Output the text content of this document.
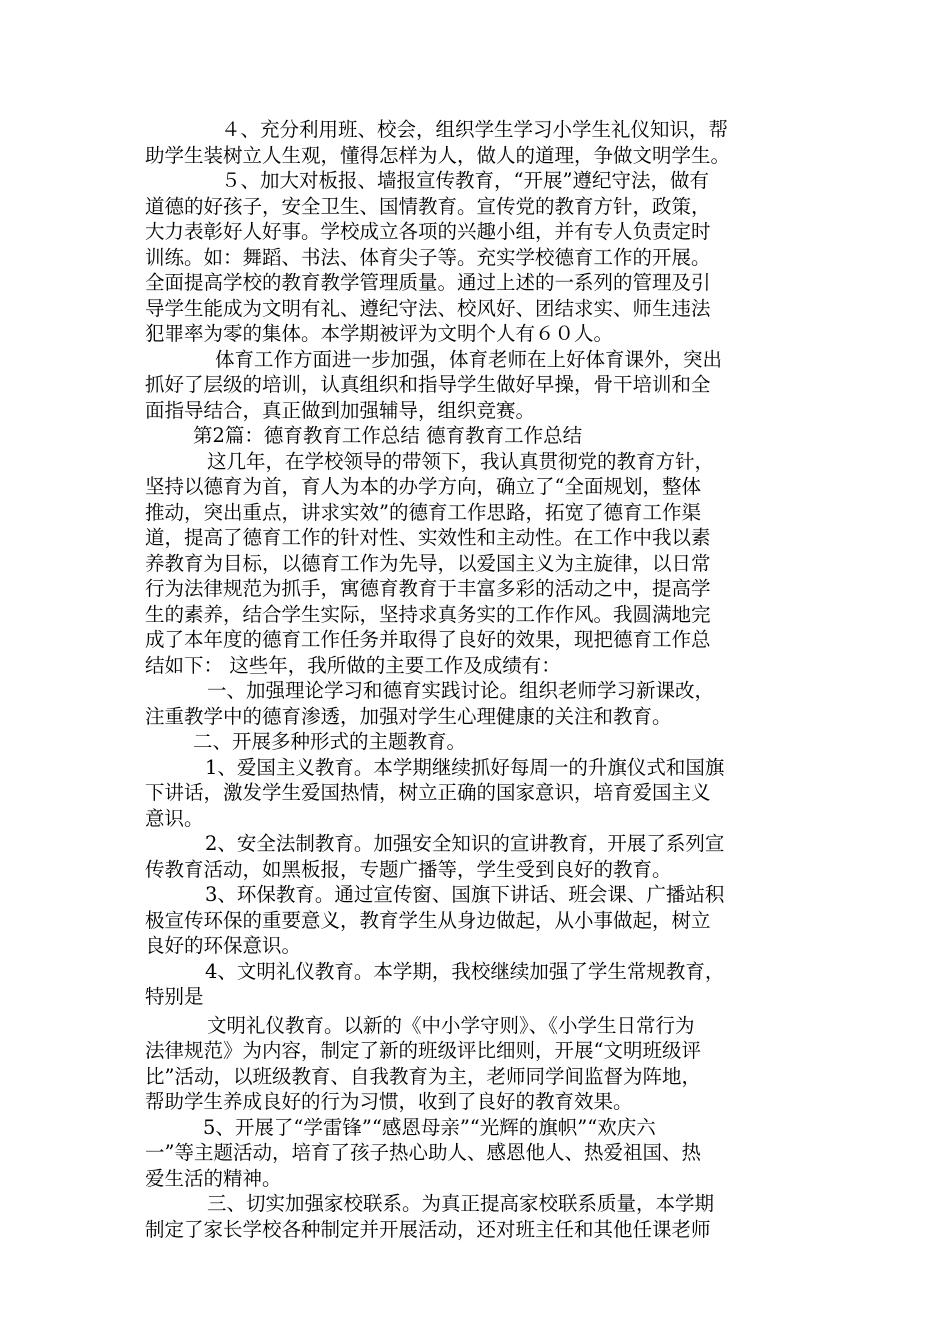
４、充分利用班、校会，组织学生学习小学生礼仪知识，帮
助学生装树立人生观，懂得怎样为人，做人的道理，争做文明学生。
５、加大对板报、墙报宣传教育，“开展”遵纪守法，做有
道德的好孩子，安全卫生、国情教育。宣传党的教育方针，政策，
大力表彰好人好事。学校成立各项的兴趣小组，并有专人负责定时
训练。如：舞蹈、书法、体育尖子等。充实学校德育工作的开展。
全面提高学校的教育教学管理质量。通过上述的一系列的管理及引
导学生能成为文明有礼、遵纪守法、校风好、团结求实、师生违法
犯罪率为零的集体。本学期被评为文明个人有６０人。
体育工作方面进一步加强，体育老师在上好体育课外，突出
抓好了层级的培训，认真组织和指导学生做好早操，骨干培训和全
面指导结合，真正做到加强辅导，组织竞赛。
第2篇：德育教育工作总结 德育教育工作总结
这几年，在学校领导的带领下，我认真贯彻党的教育方针，
坚持以德育为首，育人为本的办学方向，确立了“全面规划，整体
推动，突出重点，讲求实效”的德育工作思路，拓宽了德育工作渠
道，提高了德育工作的针对性、实效性和主动性。在工作中我以素
养教育为目标，以德育工作为先导，以爱国主义为主旋律，以日常
行为法律规范为抓手，寓德育教育于丰富多彩的活动之中，提高学
生的素养，结合学生实际，坚持求真务实的工作作风。我圆满地完
成了本年度的德育工作任务并取得了良好的效果，现把德育工作总
结如下： 这些年，我所做的主要工作及成绩有：
一、加强理论学习和德育实践讨论。组织老师学习新课改，
注重教学中的德育渗透，加强对学生心理健康的关注和教育。
二、开展多种形式的主题教育。
1、爱国主义教育。本学期继续抓好每周一的升旗仪式和国旗
下讲话，激发学生爱国热情，树立正确的国家意识，培育爱国主义
意识。
2、安全法制教育。加强安全知识的宣讲教育，开展了系列宣
传教育活动，如黑板报，专题广播等，学生受到良好的教育。
3、环保教育。通过宣传窗、国旗下讲话、班会课、广播站积
极宣传环保的重要意义，教育学生从身边做起，从小事做起，树立
良好的环保意识。
4、文明礼仪教育。本学期，我校继续加强了学生常规教育，
特别是
文明礼仪教育。以新的《中小学守则》、《小学生日常行为
法律规范》为内容，制定了新的班级评比细则，开展“文明班级评
比”活动，以班级教育、自我教育为主，老师同学间监督为阵地，
帮助学生养成良好的行为习惯，收到了良好的教育效果。
5、开展了“学雷锋”“感恩母亲”“光辉的旗帜”“欢庆六
一”等主题活动，培育了孩子热心助人、感恩他人、热爱祖国、热
爱生活的精神。
三、切实加强家校联系。为真正提高家校联系质量，本学期
制定了家长学校各种制定并开展活动，还对班主任和其他任课老师
